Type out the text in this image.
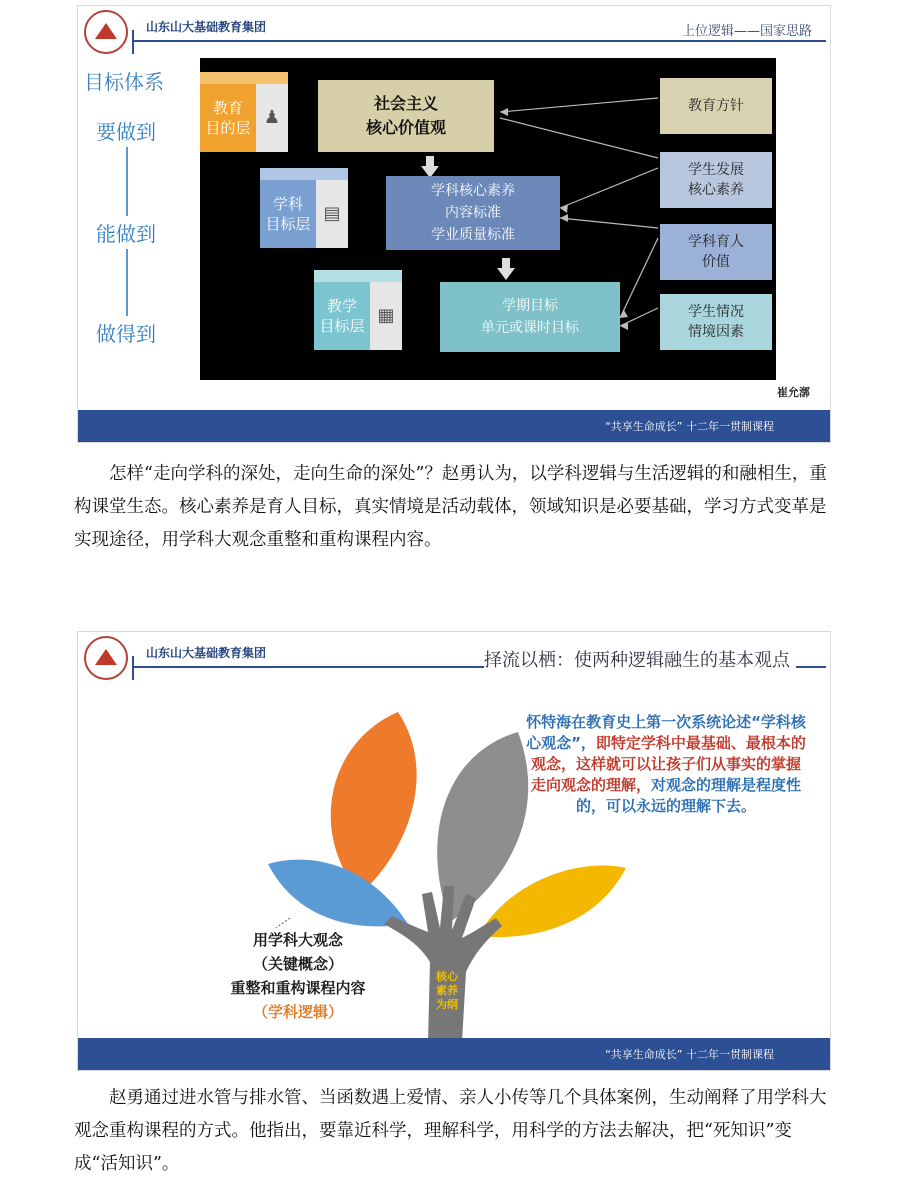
山东山大基础教育集团	上位逻辑——国家思路
目标体系
要做到
能做到
做得到
教育
目的层 ♟
社会主义
核心价值观
学科
目标层 ▤
学科核心素养
内容标准
学业质量标准
教学
目标层 ▦	学期目标
单元或课时目标
教育方针
学生发展
核心素养
学科育人
价值
学生情况
情境因素
崔允漷
“共享生命成长” 十二年一贯制课程

怎样“走向学科的深处，走向生命的深处”？赵勇认为，以学科逻辑与生活逻辑的和融相生，重构课堂生态。核心素养是育人目标，真实情境是活动载体，领域知识是必要基础，学习方式变革是实现途径，用学科大观念重整和重构课程内容。

山东山大基础教育集团	择流以栖：使两种逻辑融生的基本观点
怀特海在教育史上第一次系统论述“学科核心观念”，即特定学科中最基础、最根本的观念，这样就可以让孩子们从事实的掌握走向观念的理解，对观念的理解是程度性的，可以永远的理解下去。
用学科大观念
（关键概念）
重整和重构课程内容
（学科逻辑）
核心素养为纲
“共享生命成长” 十二年一贯制课程

赵勇通过进水管与排水管、当函数遇上爱情、亲人小传等几个具体案例，生动阐释了用学科大观念重构课程的方式。他指出，要靠近科学，理解科学，用科学的方法去解决，把“死知识”变成“活知识”。
